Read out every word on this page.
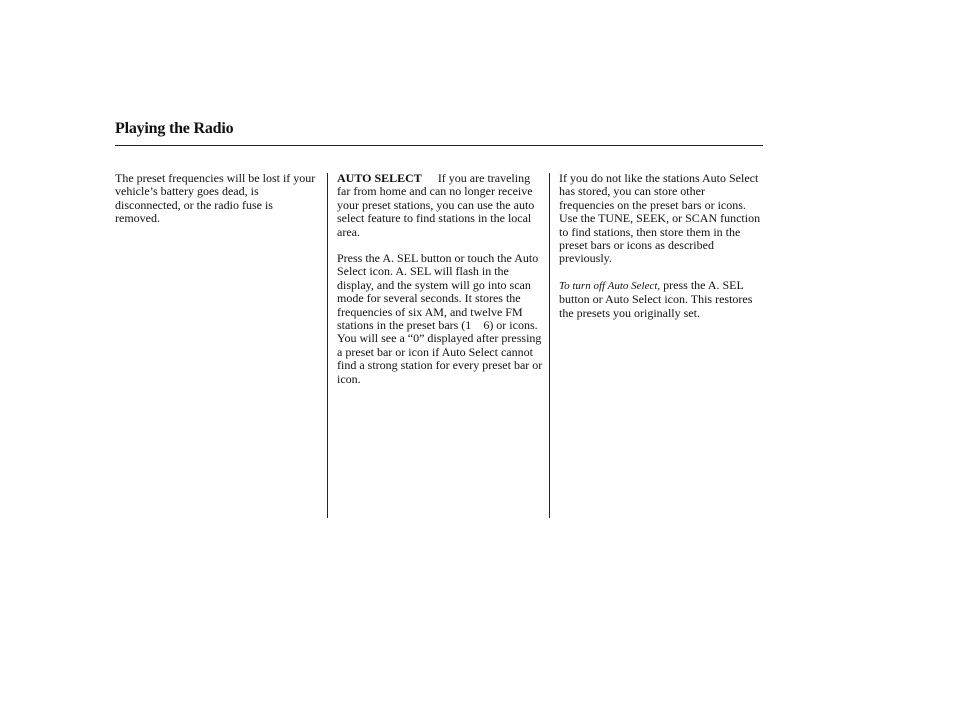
Playing the Radio

The preset frequencies will be lost if your vehicle’s battery goes dead, is disconnected, or the radio fuse is removed.

AUTO SELECT If you are traveling far from home and can no longer receive your preset stations, you can use the auto select feature to find stations in the local area.

Press the A. SEL button or touch the Auto Select icon. A. SEL will flash in the display, and the system will go into scan mode for several seconds. It stores the frequencies of six AM, and twelve FM stations in the preset bars (1 6) or icons. You will see a “0” displayed after pressing a preset bar or icon if Auto Select cannot find a strong station for every preset bar or icon.

If you do not like the stations Auto Select has stored, you can store other frequencies on the preset bars or icons. Use the TUNE, SEEK, or SCAN function to find stations, then store them in the preset bars or icons as described previously.

To turn off Auto Select, press the A. SEL button or Auto Select icon. This restores the presets you originally set.
